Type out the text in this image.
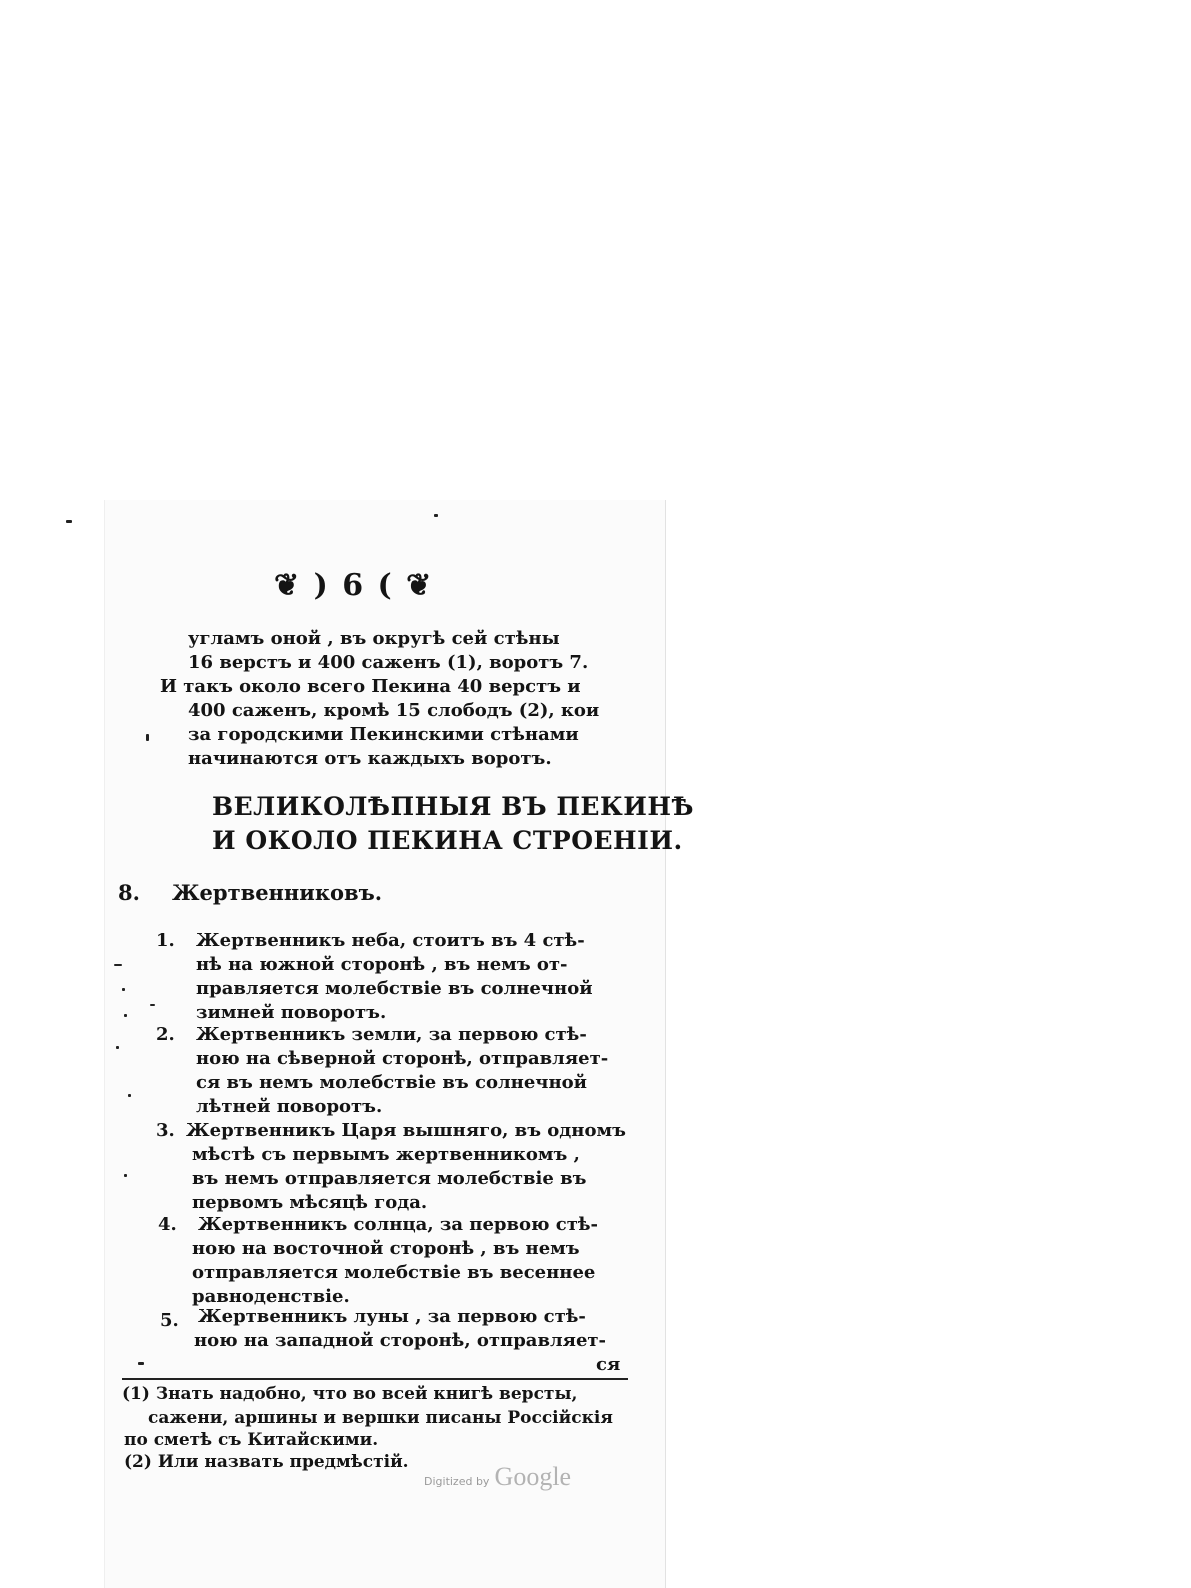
❦ ) 6 ( ❦
угламъ оной , въ округѣ сей стѣны
16 верстъ и 400 саженъ (1), воротъ 7.
И такъ около всего Пекина 40 верстъ и
400 саженъ, кромѣ 15 слободъ (2), кои
за городскими Пекинскими стѣнами
начинаются отъ каждыхъ воротъ.
ВЕЛИКОЛѢПНЫЯ ВЪ ПЕКИНѢ
И ОКОЛО ПЕКИНА СТРОЕНІИ.
8. Жертвенниковъ.
1. Жертвенникъ неба, стоитъ въ 4 стѣ-
нѣ на южной сторонѣ , въ немъ от-
правляется молебствіе въ солнечной
зимней поворотъ.
2. Жертвенникъ земли, за первою стѣ-
ною на сѣверной сторонѣ, отправляет-
ся въ немъ молебствіе въ солнечной
лѣтней поворотъ.
3. Жертвенникъ Царя вышняго, въ одномъ
мѣстѣ съ первымъ жертвенникомъ ,
въ немъ отправляется молебствіе въ
первомъ мѣсяцѣ года.
4. Жертвенникъ солнца, за первою стѣ-
ною на восточной сторонѣ , въ немъ
отправляется молебствіе въ весеннее
равноденствіе.
5. Жертвенникъ луны , за первою стѣ-
ною на западной сторонѣ, отправляет-
ся
(1) Знать надобно, что во всей книгѣ версты,
сажени, аршины и вершки писаны Россійскія
по сметѣ съ Китайскими.
(2) Или назвать предмѣстій.
Digitized by Google
